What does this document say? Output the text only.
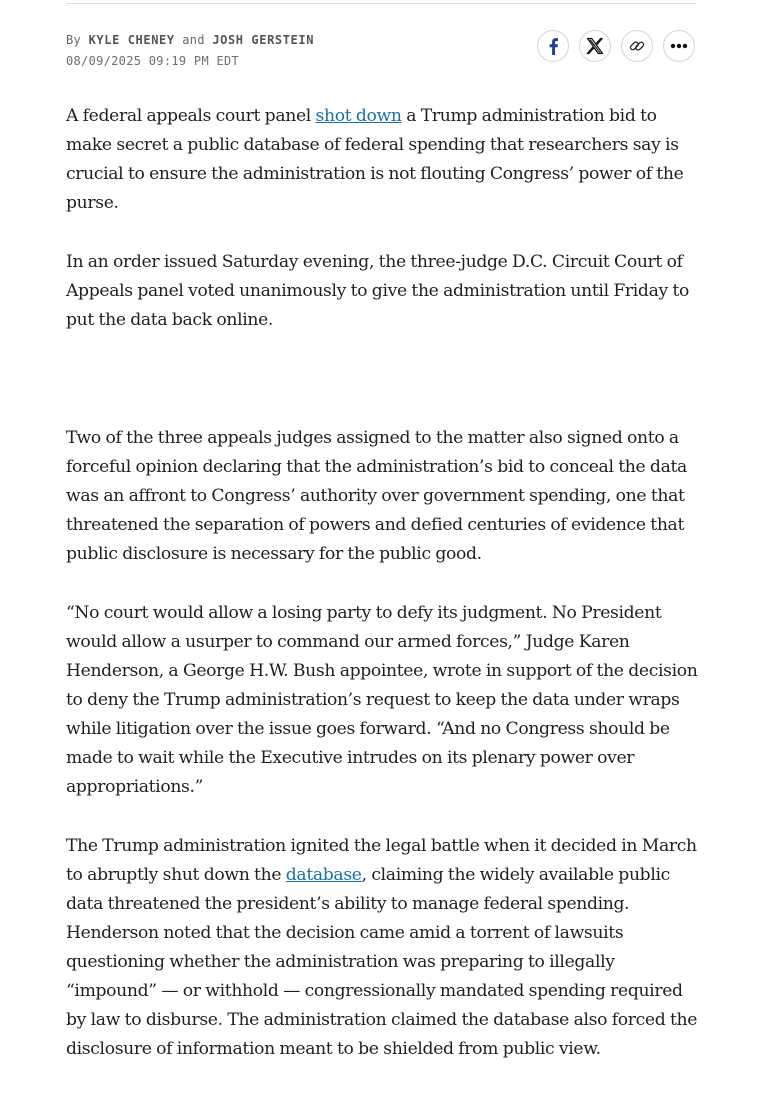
By KYLE CHENEY and JOSH GERSTEIN
08/09/2025 09:19 PM EDT

A federal appeals court panel shot down a Trump administration bid to make secret a public database of federal spending that researchers say is crucial to ensure the administration is not flouting Congress’ power of the purse.

In an order issued Saturday evening, the three-judge D.C. Circuit Court of Appeals panel voted unanimously to give the administration until Friday to put the data back online.

Two of the three appeals judges assigned to the matter also signed onto a forceful opinion declaring that the administration’s bid to conceal the data was an affront to Congress’ authority over government spending, one that threatened the separation of powers and defied centuries of evidence that public disclosure is necessary for the public good.

“No court would allow a losing party to defy its judgment. No President would allow a usurper to command our armed forces,” Judge Karen Henderson, a George H.W. Bush appointee, wrote in support of the decision to deny the Trump administration’s request to keep the data under wraps while litigation over the issue goes forward. “And no Congress should be made to wait while the Executive intrudes on its plenary power over appropriations.”

The Trump administration ignited the legal battle when it decided in March to abruptly shut down the database, claiming the widely available public data threatened the president’s ability to manage federal spending. Henderson noted that the decision came amid a torrent of lawsuits questioning whether the administration was preparing to illegally “impound” — or withhold — congressionally mandated spending required by law to disburse. The administration claimed the database also forced the disclosure of information meant to be shielded from public view.
